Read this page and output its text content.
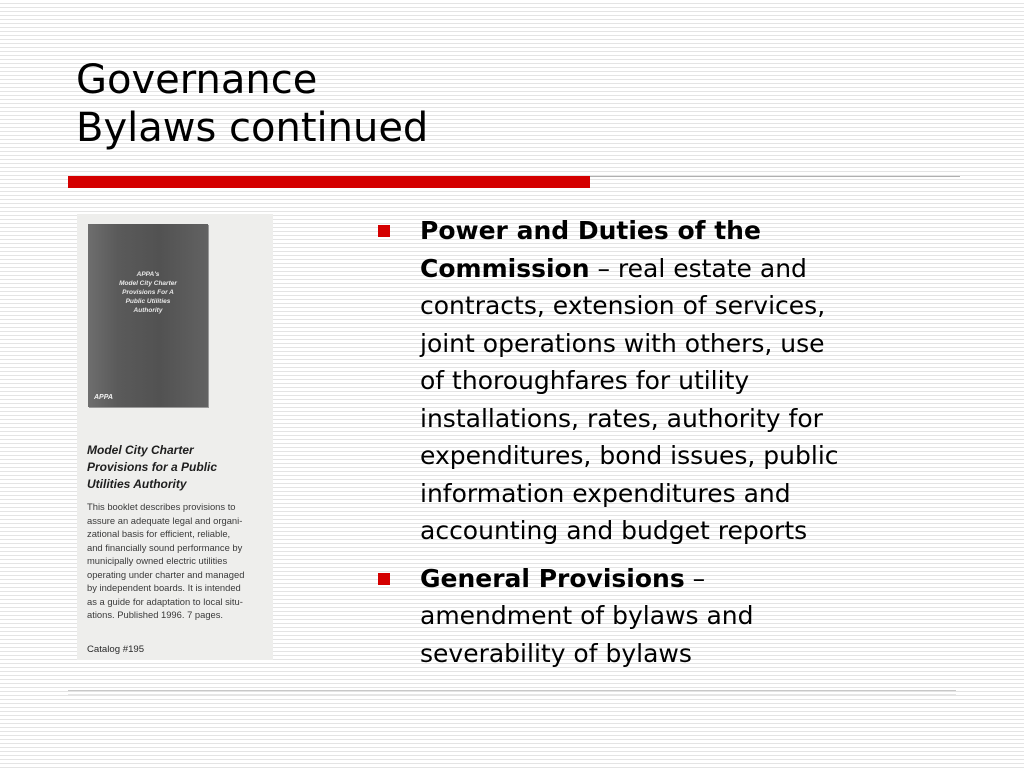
Governance
Bylaws continued
APPA's
Model City Charter
Provisions For A
Public Utilities
Authority
APPA
Model City Charter
Provisions for a Public
Utilities Authority
This booklet describes provisions to
assure an adequate legal and organi-
zational basis for efficient, reliable,
and financially sound performance by
municipally owned electric utilities
operating under charter and managed
by independent boards. It is intended
as a guide for adaptation to local situ-
ations. Published 1996. 7 pages.
Catalog #195
Power and Duties of the
Commission – real estate and
contracts, extension of services,
joint operations with others, use
of thoroughfares for utility
installations, rates, authority for
expenditures, bond issues, public
information expenditures and
accounting and budget reports
General Provisions –
amendment of bylaws and
severability of bylaws
